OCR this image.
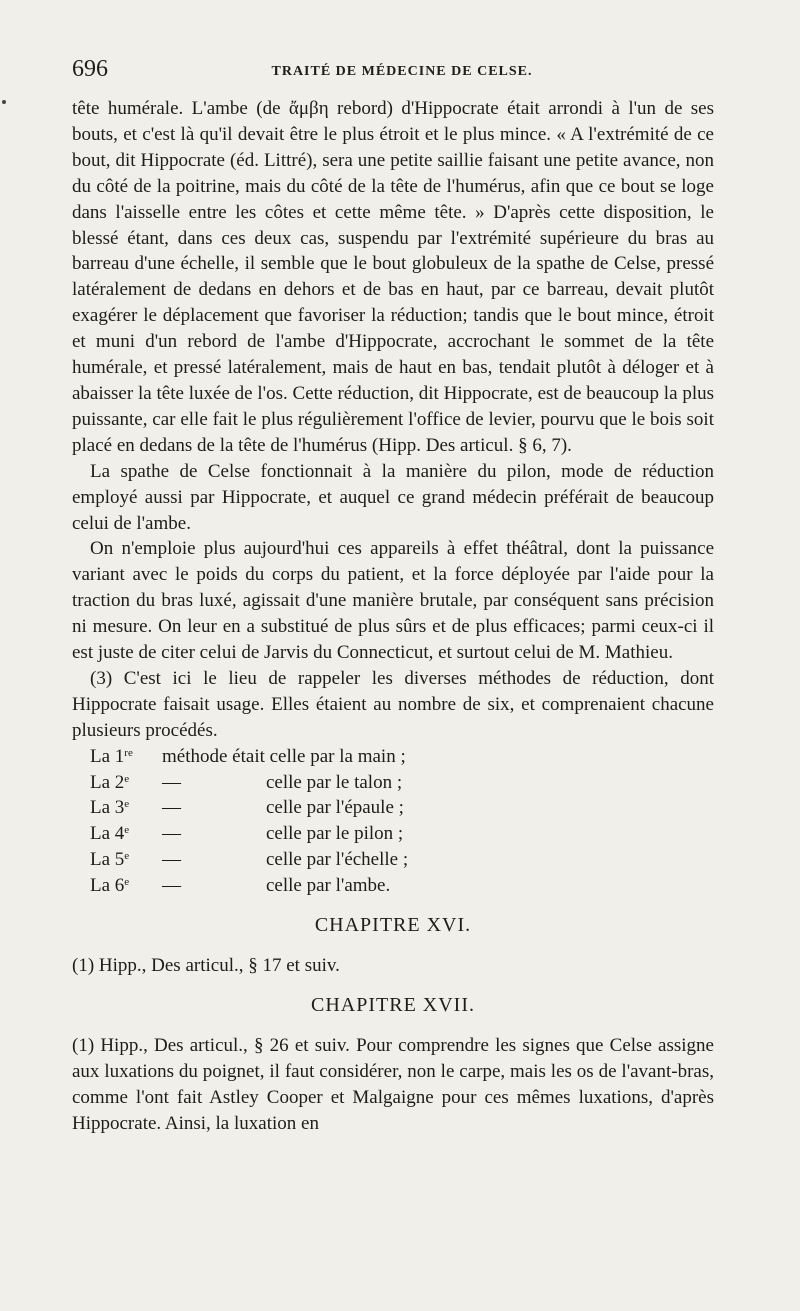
696	TRAITÉ DE MÉDECINE DE CELSE.

tête humérale. L'ambe (de ἄμβη rebord) d'Hippocrate était arrondi à l'un de ses bouts, et c'est là qu'il devait être le plus étroit et le plus mince. « A l'extrémité de ce bout, dit Hippocrate (éd. Littré), sera une petite saillie faisant une petite avance, non du côté de la poitrine, mais du côté de la tête de l'humérus, afin que ce bout se loge dans l'aisselle entre les côtes et cette même tête. » D'après cette disposition, le blessé étant, dans ces deux cas, suspendu par l'extrémité supérieure du bras au barreau d'une échelle, il semble que le bout globuleux de la spathe de Celse, pressé latéralement de dedans en dehors et de bas en haut, par ce barreau, devait plutôt exagérer le déplacement que favoriser la réduction; tandis que le bout mince, étroit et muni d'un rebord de l'ambe d'Hippocrate, accrochant le sommet de la tête humérale, et pressé latéralement, mais de haut en bas, tendait plutôt à déloger et à abaisser la tête luxée de l'os. Cette réduction, dit Hippocrate, est de beaucoup la plus puissante, car elle fait le plus régulièrement l'office de levier, pourvu que le bois soit placé en dedans de la tête de l'humérus (Hipp. Des articul. § 6, 7).

La spathe de Celse fonctionnait à la manière du pilon, mode de réduction employé aussi par Hippocrate, et auquel ce grand médecin préférait de beaucoup celui de l'ambe.

On n'emploie plus aujourd'hui ces appareils à effet théâtral, dont la puissance variant avec le poids du corps du patient, et la force déployée par l'aide pour la traction du bras luxé, agissait d'une manière brutale, par conséquent sans précision ni mesure. On leur en a substitué de plus sûrs et de plus efficaces; parmi ceux-ci il est juste de citer celui de Jarvis du Connecticut, et surtout celui de M. Mathieu.

(3) C'est ici le lieu de rappeler les diverses méthodes de réduction, dont Hippocrate faisait usage. Elles étaient au nombre de six, et comprenaient chacune plusieurs procédés.

La 1re	méthode était celle par la main ;
La 2e	—	celle par le talon ;
La 3e	—	celle par l'épaule ;
La 4e	—	celle par le pilon ;
La 5e	—	celle par l'échelle ;
La 6e	—	celle par l'ambe.
CHAPITRE XVI.

(1) Hipp., Des articul., § 17 et suiv.

CHAPITRE XVII.

(1) Hipp., Des articul., § 26 et suiv. Pour comprendre les signes que Celse assigne aux luxations du poignet, il faut considérer, non le carpe, mais les os de l'avant-bras, comme l'ont fait Astley Cooper et Malgaigne pour ces mêmes luxations, d'après Hippocrate. Ainsi, la luxation en
